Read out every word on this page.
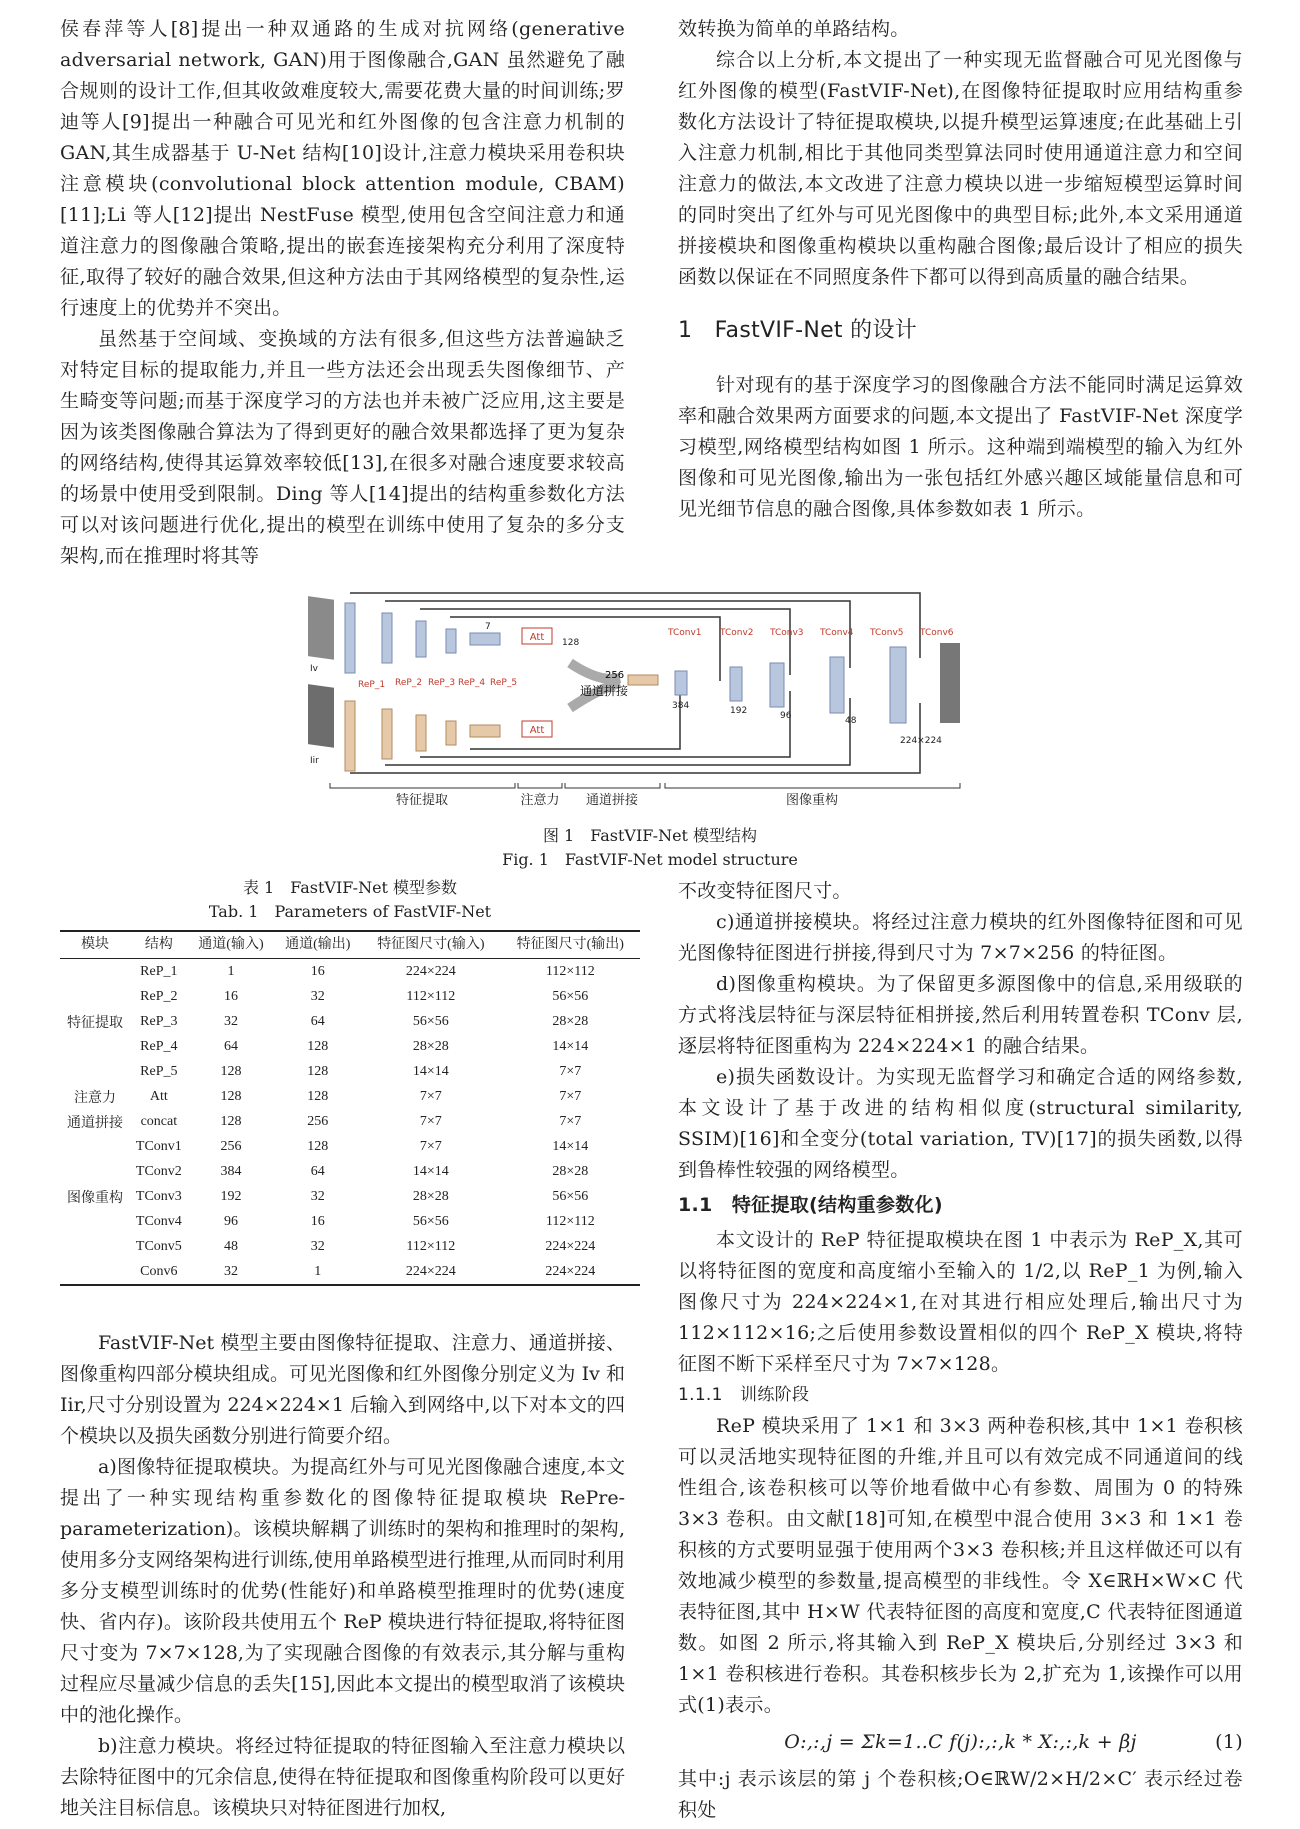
侯春萍等人[8]提出一种双通路的生成对抗网络(generative adversarial network, GAN)用于图像融合,GAN 虽然避免了融合规则的设计工作,但其收敛难度较大,需要花费大量的时间训练;罗迪等人[9]提出一种融合可见光和红外图像的包含注意力机制的 GAN,其生成器基于 U-Net 结构[10]设计,注意力模块采用卷积块注意模块(convolutional block attention module, CBAM)[11];Li 等人[12]提出 NestFuse 模型,使用包含空间注意力和通道注意力的图像融合策略,提出的嵌套连接架构充分利用了深度特征,取得了较好的融合效果,但这种方法由于其网络模型的复杂性,运行速度上的优势并不突出。

虽然基于空间域、变换域的方法有很多,但这些方法普遍缺乏对特定目标的提取能力,并且一些方法还会出现丢失图像细节、产生畸变等问题;而基于深度学习的方法也并未被广泛应用,这主要是因为该类图像融合算法为了得到更好的融合效果都选择了更为复杂的网络结构,使得其运算效率较低[13],在很多对融合速度要求较高的场景中使用受到限制。Ding 等人[14]提出的结构重参数化方法可以对该问题进行优化,提出的模型在训练中使用了复杂的多分支架构,而在推理时将其等

效转换为简单的单路结构。

综合以上分析,本文提出了一种实现无监督融合可见光图像与红外图像的模型(FastVIF-Net),在图像特征提取时应用结构重参数化方法设计了特征提取模块,以提升模型运算速度;在此基础上引入注意力机制,相比于其他同类型算法同时使用通道注意力和空间注意力的做法,本文改进了注意力模块以进一步缩短模型运算时间的同时突出了红外与可见光图像中的典型目标;此外,本文采用通道拼接模块和图像重构模块以重构融合图像;最后设计了相应的损失函数以保证在不同照度条件下都可以得到高质量的融合结果。

1　FastVIF-Net 的设计

针对现有的基于深度学习的图像融合方法不能同时满足运算效率和融合效果两方面要求的问题,本文提出了 FastVIF-Net 深度学习模型,网络模型结构如图 1 所示。这种端到端模型的输入为红外图像和可见光图像,输出为一张包括红外感兴趣区域能量信息和可见光细节信息的融合图像,具体参数如表 1 所示。

Att
Att
通道拼接
256
ReP_1 ReP_2 ReP_3 ReP_4 ReP_5
TConv1 TConv2 TConv3 TConv4 TConv5 TConv6
Iv
Iir
384	192	96	48
7
128
224×224
特征提取	注意力 通道拼接	图像重构
图 1　FastVIF-Net 模型结构
Fig. 1　FastVIF-Net model structure
表 1　FastVIF-Net 模型参数
Tab. 1　Parameters of FastVIF-Net
模块	结构	通道(输入)	通道(输出)	特征图尺寸(输入)	特征图尺寸(输出)
	ReP_1	1	16	224×224	112×112
	ReP_2	16	32	112×112	56×56
特征提取	ReP_3	32	64	56×56	28×28
	ReP_4	64	128	28×28	14×14
	ReP_5	128	128	14×14	7×7
注意力	Att	128	128	7×7	7×7
通道拼接	concat	128	256	7×7	7×7
	TConv1	256	128	7×7	14×14
	TConv2	384	64	14×14	28×28
图像重构	TConv3	192	32	28×28	56×56
	TConv4	96	16	56×56	112×112
	TConv5	48	32	112×112	224×224
	Conv6	32	1	224×224	224×224

FastVIF-Net 模型主要由图像特征提取、注意力、通道拼接、图像重构四部分模块组成。可见光图像和红外图像分别定义为 Iv 和 Iir,尺寸分别设置为 224×224×1 后输入到网络中,以下对本文的四个模块以及损失函数分别进行简要介绍。

a)图像特征提取模块。为提高红外与可见光图像融合速度,本文提出了一种实现结构重参数化的图像特征提取模块 RePre-parameterization)。该模块解耦了训练时的架构和推理时的架构,使用多分支网络架构进行训练,使用单路模型进行推理,从而同时利用多分支模型训练时的优势(性能好)和单路模型推理时的优势(速度快、省内存)。该阶段共使用五个 ReP 模块进行特征提取,将特征图尺寸变为 7×7×128,为了实现融合图像的有效表示,其分解与重构过程应尽量减少信息的丢失[15],因此本文提出的模型取消了该模块中的池化操作。

b)注意力模块。将经过特征提取的特征图输入至注意力模块以去除特征图中的冗余信息,使得在特征提取和图像重构阶段可以更好地关注目标信息。该模块只对特征图进行加权,

不改变特征图尺寸。

c)通道拼接模块。将经过注意力模块的红外图像特征图和可见光图像特征图进行拼接,得到尺寸为 7×7×256 的特征图。

d)图像重构模块。为了保留更多源图像中的信息,采用级联的方式将浅层特征与深层特征相拼接,然后利用转置卷积 TConv 层,逐层将特征图重构为 224×224×1 的融合结果。

e)损失函数设计。为实现无监督学习和确定合适的网络参数,本文设计了基于改进的结构相似度(structural similarity, SSIM)[16]和全变分(total variation, TV)[17]的损失函数,以得到鲁棒性较强的网络模型。

1.1　特征提取(结构重参数化)

本文设计的 ReP 特征提取模块在图 1 中表示为 ReP_X,其可以将特征图的宽度和高度缩小至输入的 1/2,以 ReP_1 为例,输入图像尺寸为 224×224×1,在对其进行相应处理后,输出尺寸为 112×112×16;之后使用参数设置相似的四个 ReP_X 模块,将特征图不断下采样至尺寸为 7×7×128。

1.1.1　训练阶段

ReP 模块采用了 1×1 和 3×3 两种卷积核,其中 1×1 卷积核可以灵活地实现特征图的升维,并且可以有效完成不同通道间的线性组合,该卷积核可以等价地看做中心有参数、周围为 0 的特殊 3×3 卷积。由文献[18]可知,在模型中混合使用 3×3 和 1×1 卷积核的方式要明显强于使用两个3×3 卷积核;并且这样做还可以有效地减少模型的参数量,提高模型的非线性。令 X∈ℝH×W×C 代表特征图,其中 H×W 代表特征图的高度和宽度,C 代表特征图通道数。如图 2 所示,将其输入到 ReP_X 模块后,分别经过 3×3 和 1×1 卷积核进行卷积。其卷积核步长为 2,扩充为 1,该操作可以用式(1)表示。

O:,:,j = Σk=1..C f(j):,:,k * X:,:,k + βj	(1)

其中:j 表示该层的第 j 个卷积核;O∈ℝW/2×H/2×C′ 表示经过卷积处
